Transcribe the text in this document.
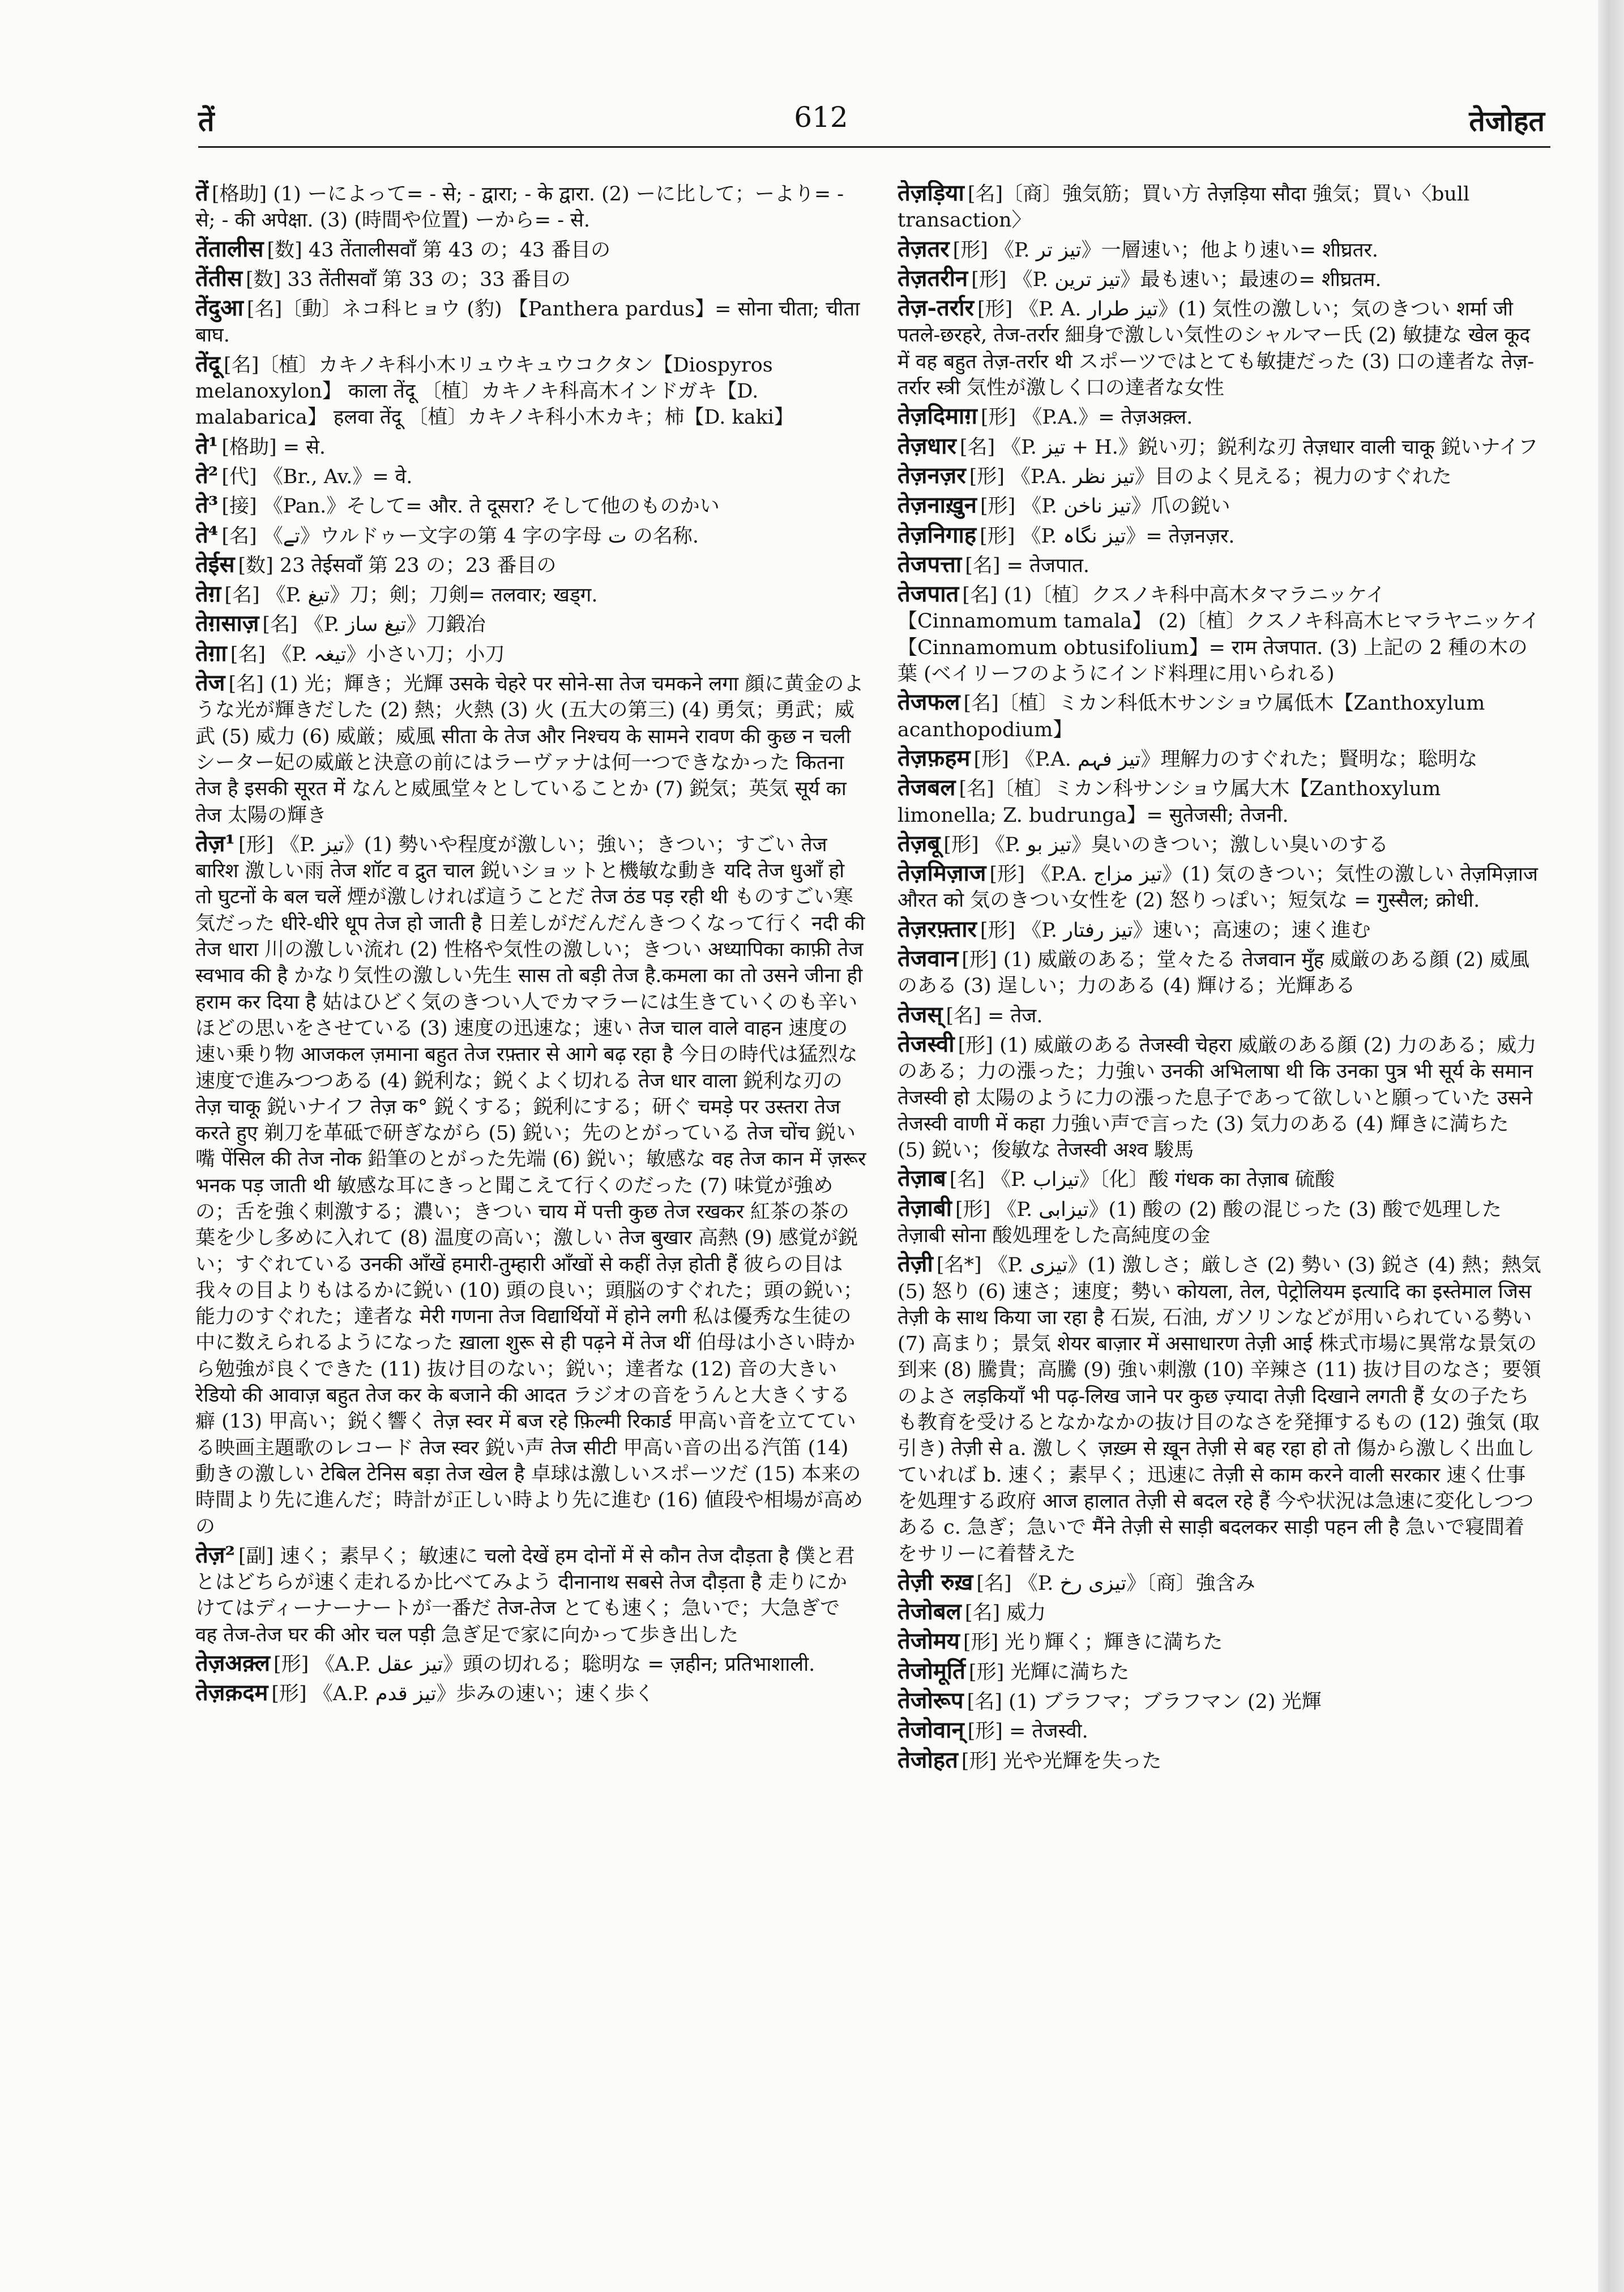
तें	612	तेजोहत
तें [格助] (1) ーによって= - से; - द्वारा; - के द्वारा. (2) ーに比して；ーより= - से; - की अपेक्षा. (3) (時間や位置) ーから= - से.
तेंतालीस [数] 43 तेंतालीसवाँ 第 43 の；43 番目の
तेंतीस [数] 33 तेंतीसवाँ 第 33 の；33 番目の
तेंदुआ [名]〔動〕ネコ科ヒョウ (豹) 【Panthera pardus】= सोना चीता; चीता बाघ.
तेंदू [名]〔植〕カキノキ科小木リュウキュウコクタン【Diospyros melanoxylon】 काला तेंदू 〔植〕カキノキ科高木インドガキ【D. malabarica】 हलवा तेंदू 〔植〕カキノキ科小木カキ；柿【D. kaki】
ते¹ [格助] = से.
ते² [代] 《Br., Av.》= वे.
ते³ [接] 《Pan.》そして= और. ते दूसरा? そして他のものかい
ते⁴ [名] 《تے》ウルドゥー文字の第 4 字の字母 ت の名称.
तेईस [数] 23 तेईसवाँ 第 23 の；23 番目の
तेग़ [名] 《P. تیغ》刀；剣；刀剣= तलवार; खड्ग.
तेग़साज़ [名] 《P. تیغ ساز》刀鍛冶
तेग़ा [名] 《P. تیغہ》小さい刀；小刀
तेज [名] (1) 光；輝き；光輝 उसके चेहरे पर सोने-सा तेज चमकने लगा 顔に黄金のような光が輝きだした (2) 熱；火熱 (3) 火 (五大の第三) (4) 勇気；勇武；威武 (5) 威力 (6) 威厳；威風 सीता के तेज और निश्चय के सामने रावण की कुछ न चली シーター妃の威厳と決意の前にはラーヴァナは何一つできなかった कितना तेज है इसकी सूरत में なんと威風堂々としていることか (7) 鋭気；英気 सूर्य का तेज 太陽の輝き
तेज़¹ [形] 《P. تیز》(1) 勢いや程度が激しい；強い；きつい；すごい तेज बारिश 激しい雨 तेज शॉट व द्रुत चाल 鋭いショットと機敏な動き यदि तेज धुआँ हो तो घुटनों के बल चलें 煙が激しければ這うことだ तेज ठंड पड़ रही थी ものすごい寒気だった धीरे-धीरे धूप तेज हो जाती है 日差しがだんだんきつくなって行く नदी की तेज धारा 川の激しい流れ (2) 性格や気性の激しい；きつい अध्यापिका काफ़ी तेज स्वभाव की है かなり気性の激しい先生 सास तो बड़ी तेज है.कमला का तो उसने जीना ही हराम कर दिया है 姑はひどく気のきつい人でカマラーには生きていくのも辛いほどの思いをさせている (3) 速度の迅速な；速い तेज चाल वाले वाहन 速度の速い乗り物 आजकल ज़माना बहुत तेज रफ़्तार से आगे बढ़ रहा है 今日の時代は猛烈な速度で進みつつある (4) 鋭利な；鋭くよく切れる तेज धार वाला 鋭利な刃の तेज़ चाकू 鋭いナイフ तेज़ क° 鋭くする；鋭利にする；研ぐ चमड़े पर उस्तरा तेज करते हुए 剃刀を革砥で研ぎながら (5) 鋭い；先のとがっている तेज चोंच 鋭い嘴 पेंसिल की तेज नोक 鉛筆のとがった先端 (6) 鋭い；敏感な वह तेज कान में ज़रूर भनक पड़ जाती थी 敏感な耳にきっと聞こえて行くのだった (7) 味覚が強めの；舌を強く刺激する；濃い；きつい चाय में पत्ती कुछ तेज रखकर 紅茶の茶の葉を少し多めに入れて (8) 温度の高い；激しい तेज बुखार 高熱 (9) 感覚が鋭い；すぐれている उनकी आँखें हमारी-तुम्हारी आँखों से कहीं तेज़ होती हैं 彼らの目は我々の目よりもはるかに鋭い (10) 頭の良い；頭脳のすぐれた；頭の鋭い；能力のすぐれた；達者な मेरी गणना तेज विद्यार्थियों में होने लगी 私は優秀な生徒の中に数えられるようになった ख़ाला शुरू से ही पढ़ने में तेज थीं 伯母は小さい時から勉強が良くできた (11) 抜け目のない；鋭い；達者な (12) 音の大きい रेडियो की आवाज़ बहुत तेज कर के बजाने की आदत ラジオの音をうんと大きくする癖 (13) 甲高い；鋭く響く तेज़ स्वर में बज रहे फ़िल्मी रिकार्ड 甲高い音を立てている映画主題歌のレコード तेज स्वर 鋭い声 तेज सीटी 甲高い音の出る汽笛 (14) 動きの激しい टेबिल टेनिस बड़ा तेज खेल है 卓球は激しいスポーツだ (15) 本来の時間より先に進んだ；時計が正しい時より先に進む (16) 値段や相場が高めの
तेज़² [副] 速く；素早く；敏速に चलो देखें हम दोनों में से कौन तेज दौड़ता है 僕と君とはどちらが速く走れるか比べてみよう दीनानाथ सबसे तेज दौड़ता है 走りにかけてはディーナーナートが一番だ तेज-तेज とても速く；急いで；大急ぎで वह तेज-तेज घर की ओर चल पड़ी 急ぎ足で家に向かって歩き出した
तेज़अक़्ल [形] 《A.P. تیز عقل》頭の切れる；聡明な = ज़हीन; प्रतिभाशाली.
तेज़क़दम [形] 《A.P. تیز قدم》歩みの速い；速く歩く
तेज़ड़िया [名]〔商〕強気筋；買い方 तेज़ड़िया सौदा 強気；買い〈bull transaction〉
तेज़तर [形] 《P. تیز تر》一層速い；他より速い= शीघ्रतर.
तेज़तरीन [形] 《P. تیز ترین》最も速い；最速の= शीघ्रतम.
तेज़-तर्रार [形] 《P. A. تیز طرار》(1) 気性の激しい；気のきつい शर्मा जी पतले-छरहरे, तेज-तर्रार 細身で激しい気性のシャルマー氏 (2) 敏捷な खेल कूद में वह बहुत तेज़-तर्रार थी スポーツではとても敏捷だった (3) 口の達者な तेज़-तर्रार स्त्री 気性が激しく口の達者な女性
तेज़दिमाग़ [形] 《P.A.》= तेज़अक़्ल.
तेज़धार [名] 《P. تیز + H.》鋭い刃；鋭利な刃 तेज़धार वाली चाकू 鋭いナイフ
तेज़नज़र [形] 《P.A. تیز نظر》目のよく見える；視力のすぐれた
तेज़नाख़ुन [形] 《P. تیز ناخن》爪の鋭い
तेज़निगाह [形] 《P. تیز نگاہ》= तेज़नज़र.
तेजपत्ता [名] = तेजपात.
तेजपात [名] (1)〔植〕クスノキ科中高木タマラニッケイ【Cinnamomum tamala】 (2)〔植〕クスノキ科高木ヒマラヤニッケイ【Cinnamomum obtusifolium】= राम तेजपात. (3) 上記の 2 種の木の葉 (ベイリーフのようにインド料理に用いられる)
तेजफल [名]〔植〕ミカン科低木サンショウ属低木【Zanthoxylum acanthopodium】
तेज़फ़हम [形] 《P.A. تیز فہم》理解力のすぐれた；賢明な；聡明な
तेजबल [名]〔植〕ミカン科サンショウ属大木【Zanthoxylum limonella; Z. budrunga】= सुतेजसी; तेजनी.
तेज़बू [形] 《P. تیز بو》臭いのきつい；激しい臭いのする
तेज़मिज़ाज [形] 《P.A. تیز مزاج》(1) 気のきつい；気性の激しい तेज़मिज़ाज औरत को 気のきつい女性を (2) 怒りっぽい；短気な = गुस्सैल; क्रोधी.
तेज़रफ़्तार [形] 《P. تیز رفتار》速い；高速の；速く進む
तेजवान [形] (1) 威厳のある；堂々たる तेजवान मुँह 威厳のある顔 (2) 威風のある (3) 逞しい；力のある (4) 輝ける；光輝ある
तेजस् [名] = तेज.
तेजस्वी [形] (1) 威厳のある तेजस्वी चेहरा 威厳のある顔 (2) 力のある；威力のある；力の漲った；力強い उनकी अभिलाषा थी कि उनका पुत्र भी सूर्य के समान तेजस्वी हो 太陽のように力の漲った息子であって欲しいと願っていた उसने तेजस्वी वाणी में कहा 力強い声で言った (3) 気力のある (4) 輝きに満ちた (5) 鋭い；俊敏な तेजस्वी अश्व 駿馬
तेज़ाब [名] 《P. تیزاب》〔化〕酸 गंधक का तेज़ाब 硫酸
तेज़ाबी [形] 《P. تیزابی》(1) 酸の (2) 酸の混じった (3) 酸で処理した तेज़ाबी सोना 酸処理をした高純度の金
तेज़ी [名*] 《P. تیزی》(1) 激しさ；厳しさ (2) 勢い (3) 鋭さ (4) 熱；熱気 (5) 怒り (6) 速さ；速度；勢い कोयला, तेल, पेट्रोलियम इत्यादि का इस्तेमाल जिस तेज़ी के साथ किया जा रहा है 石炭, 石油, ガソリンなどが用いられている勢い (7) 高まり；景気 शेयर बाज़ार में असाधारण तेज़ी आई 株式市場に異常な景気の到来 (8) 騰貴；高騰 (9) 強い刺激 (10) 辛辣さ (11) 抜け目のなさ；要領のよさ लड़कियाँ भी पढ़-लिख जाने पर कुछ ज़्यादा तेज़ी दिखाने लगती हैं 女の子たちも教育を受けるとなかなかの抜け目のなさを発揮するもの (12) 強気 (取引き) तेज़ी से a. 激しく ज़ख़्म से ख़ून तेज़ी से बह रहा हो तो 傷から激しく出血していれば b. 速く；素早く；迅速に तेज़ी से काम करने वाली सरकार 速く仕事を処理する政府 आज हालात तेज़ी से बदल रहे हैं 今や状況は急速に変化しつつある c. 急ぎ；急いで मैंने तेज़ी से साड़ी बदलकर साड़ी पहन ली है 急いで寝間着をサリーに着替えた
तेज़ी रुख़ [名] 《P. تیزی رخ》〔商〕強含み
तेजोबल [名] 威力
तेजोमय [形] 光り輝く；輝きに満ちた
तेजोमूर्ति [形] 光輝に満ちた
तेजोरूप [名] (1) ブラフマ；ブラフマン (2) 光輝
तेजोवान् [形] = तेजस्वी.
तेजोहत [形] 光や光輝を失った
